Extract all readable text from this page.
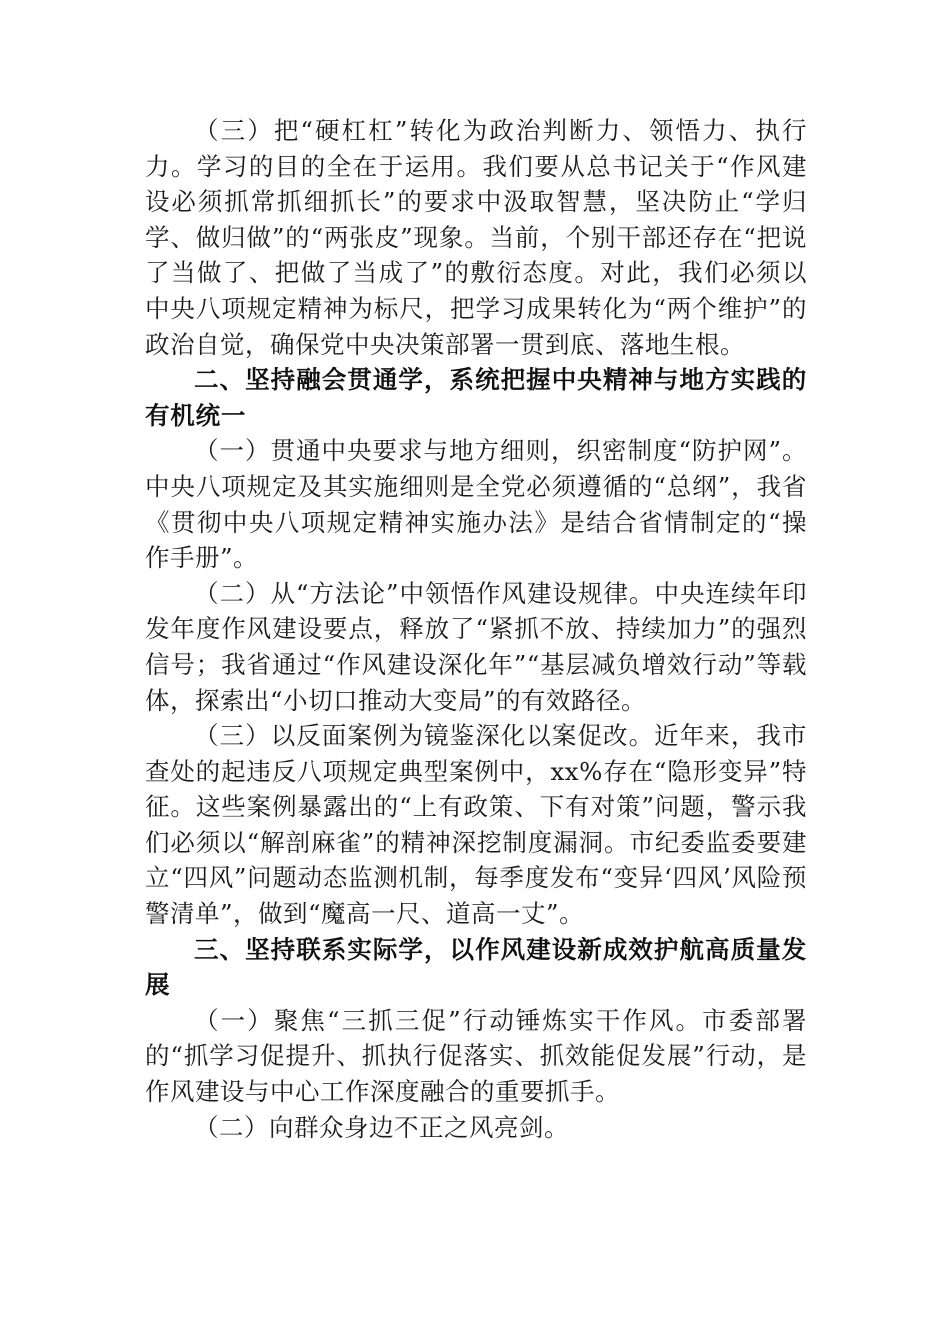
（三）把“硬杠杠”转化为政治判断力、领悟力、执行力。学习的目的全在于运用。我们要从总书记关于“作风建设必须抓常抓细抓长”的要求中汲取智慧，坚决防止“学归学、做归做”的“两张皮”现象。当前，个别干部还存在“把说了当做了、把做了当成了”的敷衍态度。对此，我们必须以中央八项规定精神为标尺，把学习成果转化为“两个维护”的政治自觉，确保党中央决策部署一贯到底、落地生根。

二、坚持融会贯通学，系统把握中央精神与地方实践的有机统一

（一）贯通中央要求与地方细则，织密制度“防护网”。中央八项规定及其实施细则是全党必须遵循的“总纲”，我省《贯彻中央八项规定精神实施办法》是结合省情制定的“操作手册”。

（二）从“方法论”中领悟作风建设规律。中央连续年印发年度作风建设要点，释放了“紧抓不放、持续加力”的强烈信号；我省通过“作风建设深化年”“基层减负增效行动”等载体，探索出“小切口推动大变局”的有效路径。

（三）以反面案例为镜鉴深化以案促改。近年来，我市查处的起违反八项规定典型案例中，xx%存在“隐形变异”特征。这些案例暴露出的“上有政策、下有对策”问题，警示我们必须以“解剖麻雀”的精神深挖制度漏洞。市纪委监委要建立“四风”问题动态监测机制，每季度发布“变异‘四风’风险预警清单”，做到“魔高一尺、道高一丈”。

三、坚持联系实际学，以作风建设新成效护航高质量发展

（一）聚焦“三抓三促”行动锤炼实干作风。市委部署的“抓学习促提升、抓执行促落实、抓效能促发展”行动，是作风建设与中心工作深度融合的重要抓手。

（二）向群众身边不正之风亮剑。
